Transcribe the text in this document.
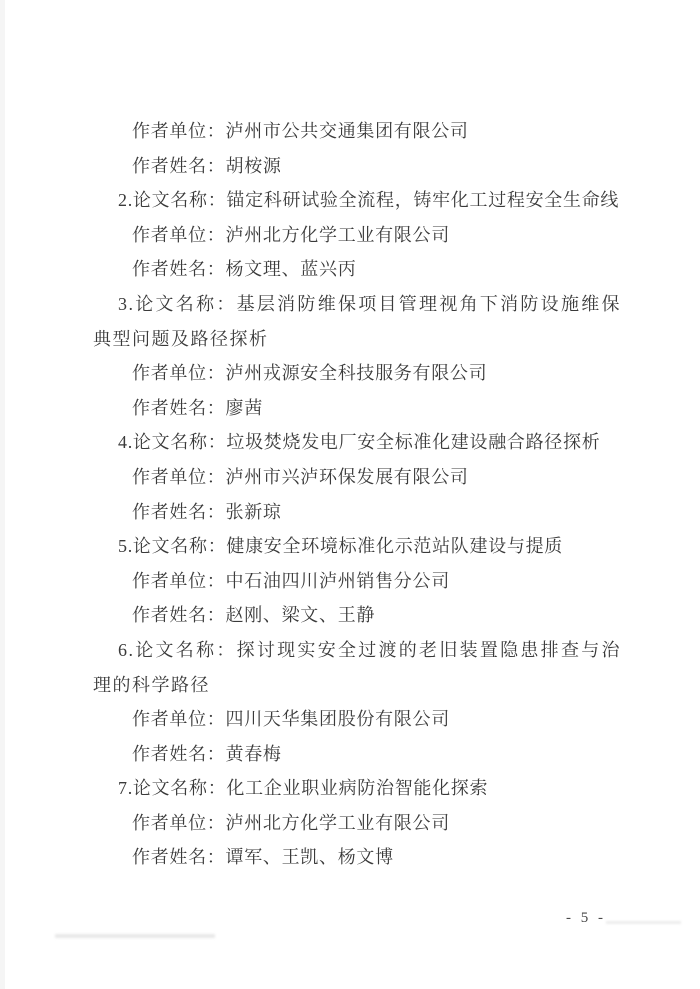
作者单位：泸州市公共交通集团有限公司

作者姓名：胡桉源

2.论文名称：锚定科研试验全流程，铸牢化工过程安全生命线

作者单位：泸州北方化学工业有限公司

作者姓名：杨文理、蓝兴丙

3.论文名称：基层消防维保项目管理视角下消防设施维保典型问题及路径探析

作者单位：泸州戎源安全科技服务有限公司

作者姓名：廖茜

4.论文名称：垃圾焚烧发电厂安全标准化建设融合路径探析

作者单位：泸州市兴泸环保发展有限公司

作者姓名：张新琼

5.论文名称：健康安全环境标准化示范站队建设与提质

作者单位：中石油四川泸州销售分公司

作者姓名：赵刚、梁文、王静

6.论文名称：探讨现实安全过渡的老旧装置隐患排查与治理的科学路径

作者单位：四川天华集团股份有限公司

作者姓名：黄春梅

7.论文名称：化工企业职业病防治智能化探索

作者单位：泸州北方化学工业有限公司

作者姓名：谭军、王凯、杨文博

- 5 -
